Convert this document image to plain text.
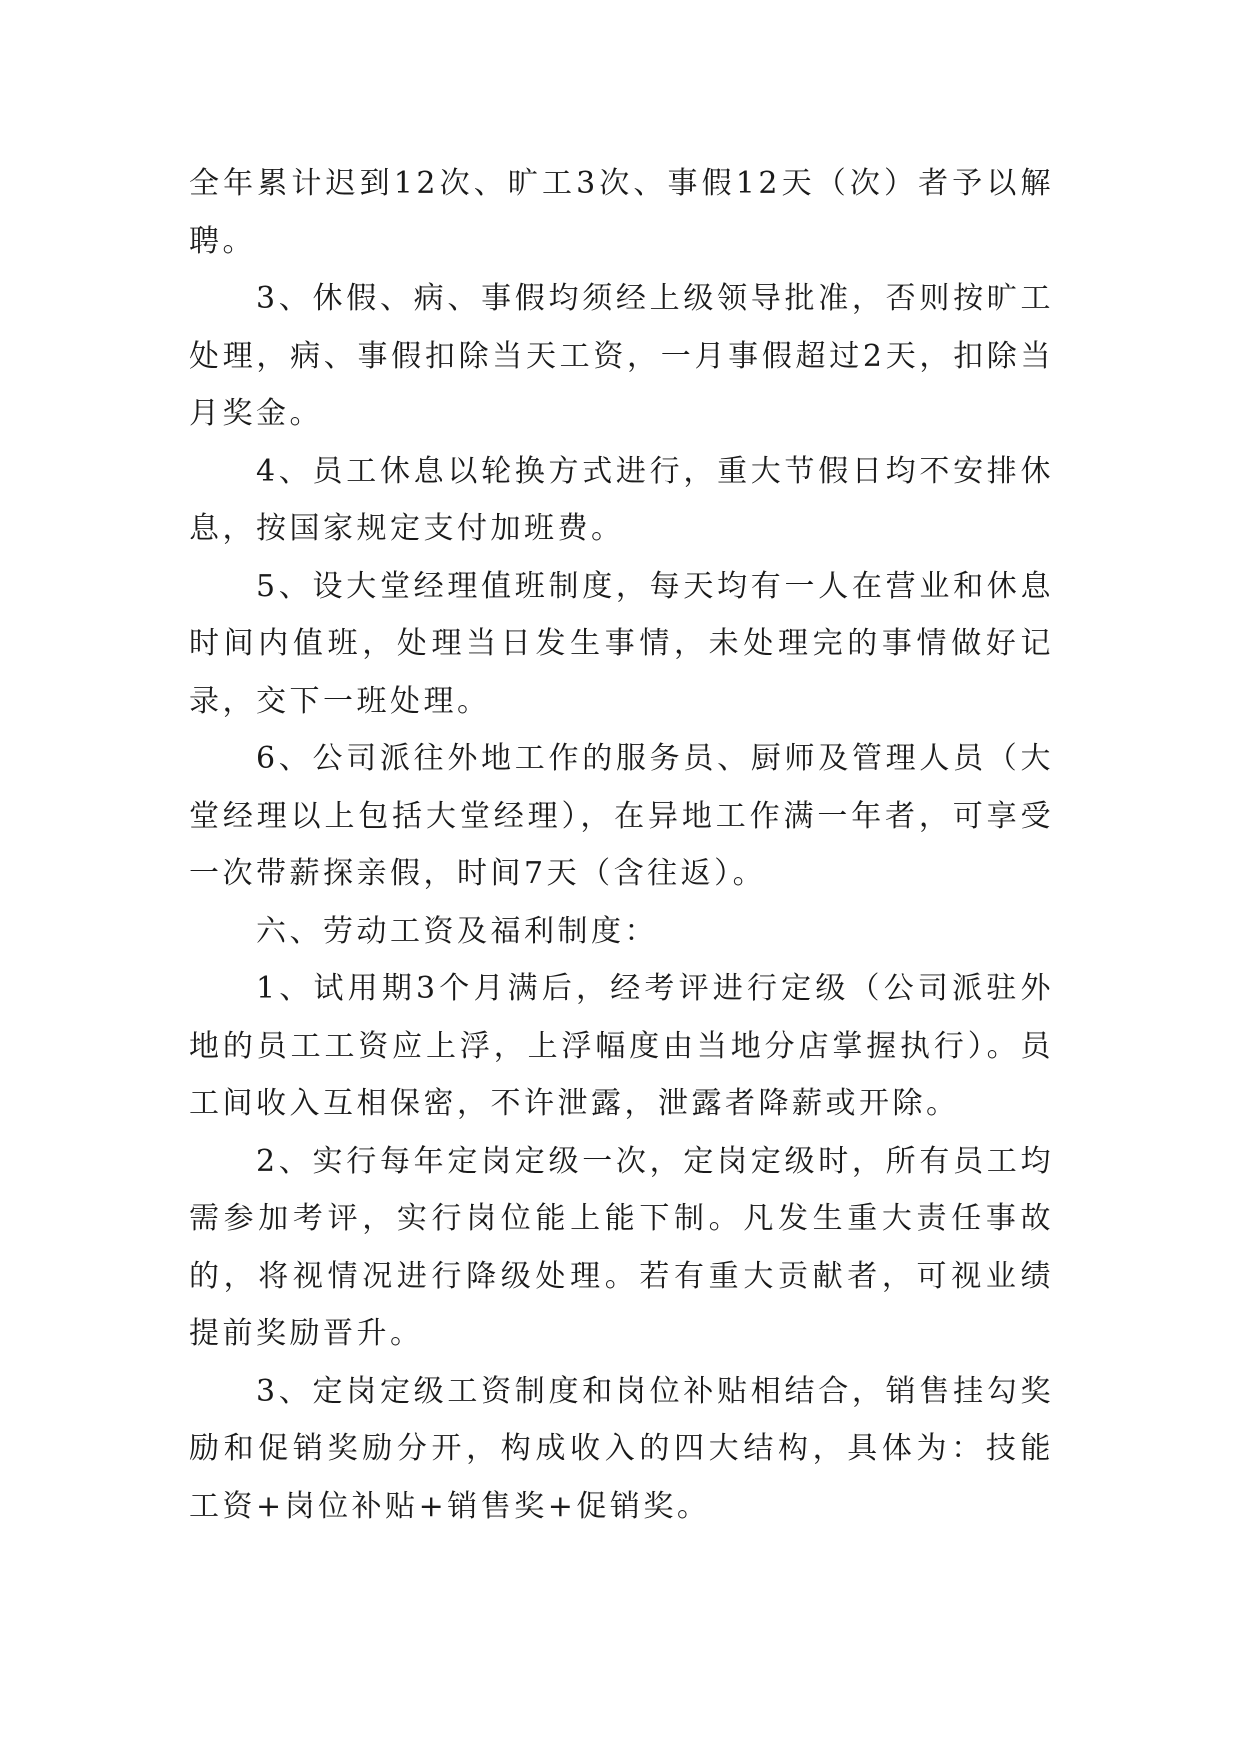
全年累计迟到12次、旷工3次、事假12天（次）者予以解聘。

3、休假、病、事假均须经上级领导批准，否则按旷工处理，病、事假扣除当天工资，一月事假超过2天，扣除当月奖金。

4、员工休息以轮换方式进行，重大节假日均不安排休息，按国家规定支付加班费。

5、设大堂经理值班制度，每天均有一人在营业和休息时间内值班，处理当日发生事情，未处理完的事情做好记录，交下一班处理。

6、公司派往外地工作的服务员、厨师及管理人员（大堂经理以上包括大堂经理），在异地工作满一年者，可享受一次带薪探亲假，时间7天（含往返）。

六、劳动工资及福利制度：

1、试用期3个月满后，经考评进行定级（公司派驻外地的员工工资应上浮，上浮幅度由当地分店掌握执行）。员工间收入互相保密，不许泄露，泄露者降薪或开除。

2、实行每年定岗定级一次，定岗定级时，所有员工均需参加考评，实行岗位能上能下制。凡发生重大责任事故的，将视情况进行降级处理。若有重大贡献者，可视业绩提前奖励晋升。

3、定岗定级工资制度和岗位补贴相结合，销售挂勾奖励和促销奖励分开，构成收入的四大结构，具体为：技能工资+岗位补贴+销售奖+促销奖。
